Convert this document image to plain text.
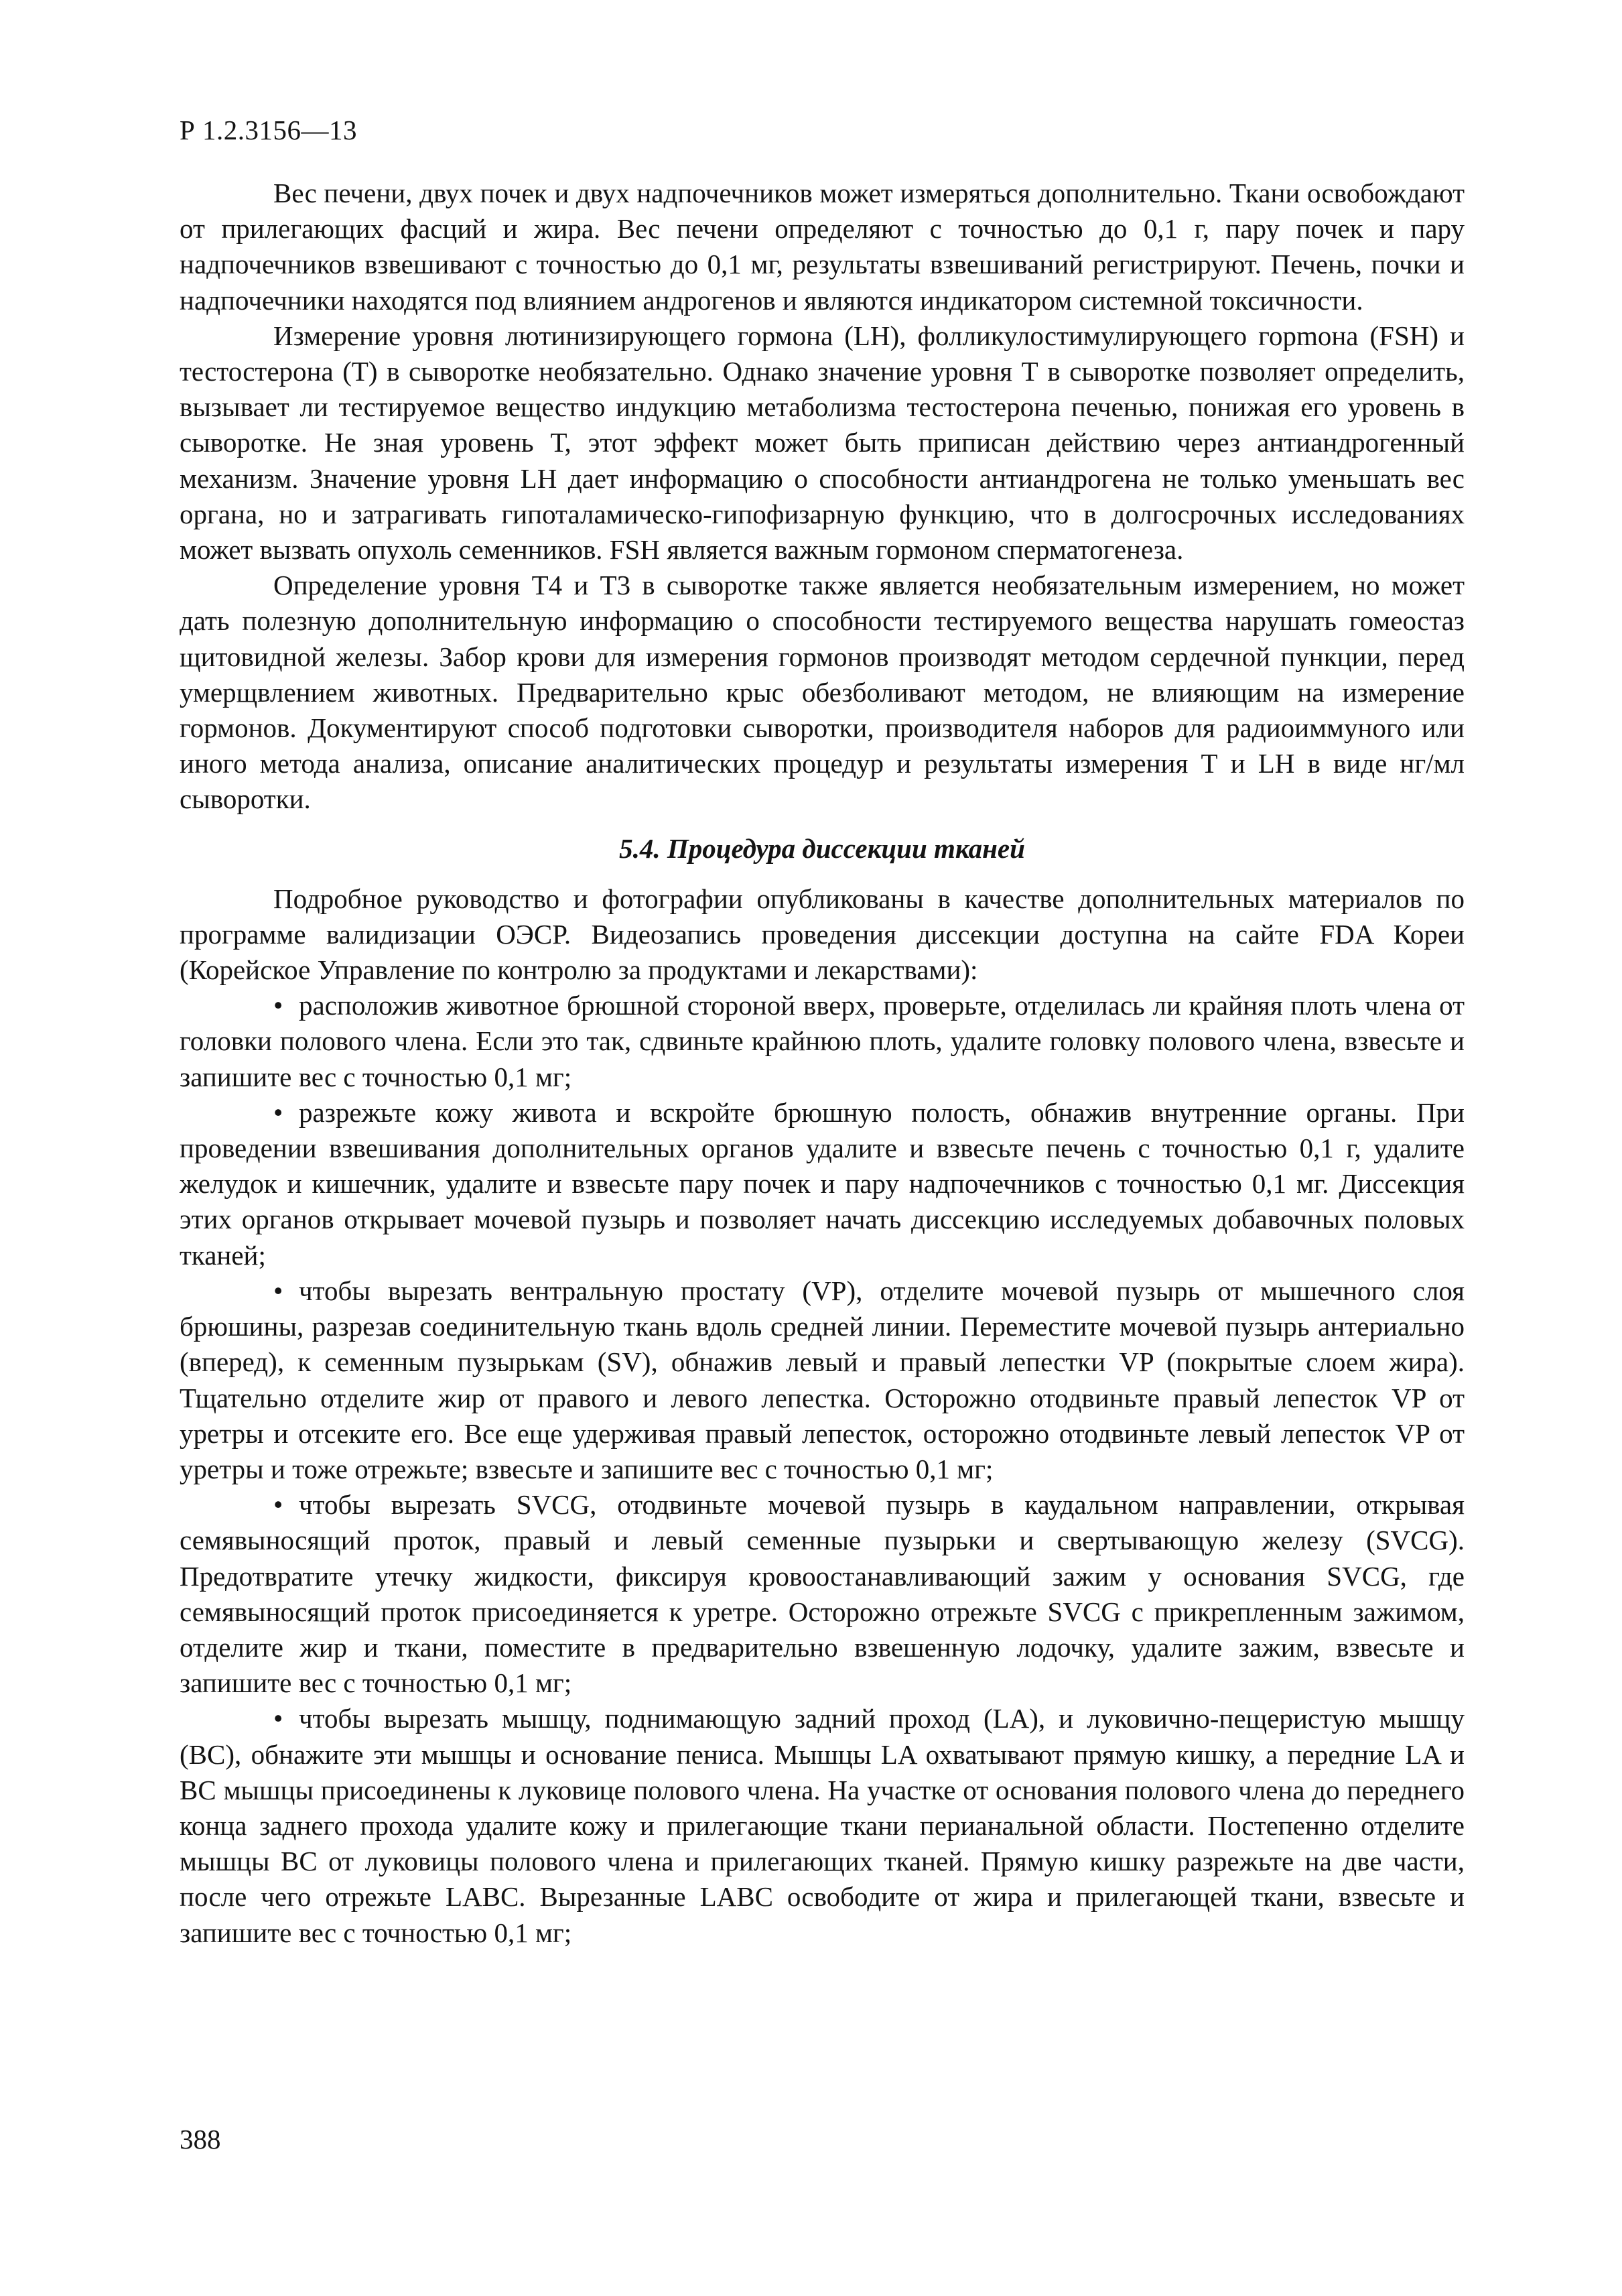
Р 1.2.3156—13

Вес печени, двух почек и двух надпочечников может измеряться дополнительно. Ткани освобождают от прилегающих фасций и жира. Вес печени определяют с точностью до 0,1 г, пару почек и пару надпочечников взвешивают с точностью до 0,1 мг, результаты взвешиваний регистрируют. Печень, почки и надпочечники находятся под влиянием андрогенов и являются индикатором системной токсичности.

Измерение уровня лютинизирующего гормона (LH), фолликулостимулирующего горmона (FSH) и тестостерона (Т) в сыворотке необязательно. Однако значение уровня Т в сыворотке позволяет определить, вызывает ли тестируемое вещество индукцию метаболизма тестостерона печенью, понижая его уровень в сыворотке. Не зная уровень Т, этот эффект может быть приписан действию через антиандрогенный механизм. Значение уровня LH дает информацию о способности антиандрогена не только уменьшать вес органа, но и затрагивать гипоталамическо-гипофизарную функцию, что в долгосрочных исследованиях может вызвать опухоль семенников. FSH является важным гормоном сперматогенеза.

Определение уровня Т4 и Т3 в сыворотке также является необязательным измерением, но может дать полезную дополнительную информацию о способности тестируемого вещества нарушать гомеостаз щитовидной железы. Забор крови для измерения гормонов производят методом сердечной пункции, перед умерщвлением животных. Предварительно крыс обезболивают методом, не влияющим на измерение гормонов. Документируют способ подготовки сыворотки, производителя наборов для радиоиммуного или иного метода анализа, описание аналитических процедур и результаты измерения Т и LH в виде нг/мл сыворотки.

5.4. Процедура диссекции тканей

Подробное руководство и фотографии опубликованы в качестве дополнительных материалов по программе валидизации ОЭСР. Видеозапись проведения диссекции доступна на сайте FDA Кореи (Корейское Управление по контролю за продуктами и лекарствами):

• расположив животное брюшной стороной вверх, проверьте, отделилась ли крайняя плоть члена от головки полового члена. Если это так, сдвиньте крайнюю плоть, удалите головку полового члена, взвесьте и запишите вес с точностью 0,1 мг;

• разрежьте кожу живота и вскройте брюшную полость, обнажив внутренние органы. При проведении взвешивания дополнительных органов удалите и взвесьте печень с точностью 0,1 г, удалите желудок и кишечник, удалите и взвесьте пару почек и пару надпочечников с точностью 0,1 мг. Диссекция этих органов открывает мочевой пузырь и позволяет начать диссекцию исследуемых добавочных половых тканей;

• чтобы вырезать вентральную простату (VP), отделите мочевой пузырь от мышечного слоя брюшины, разрезав соединительную ткань вдоль средней линии. Переместите мочевой пузырь антериально (вперед), к семенным пузырькам (SV), обнажив левый и правый лепестки VP (покрытые слоем жира). Тщательно отделите жир от правого и левого лепестка. Осторожно отодвиньте правый лепесток VP от уретры и отсеките его. Все еще удерживая правый лепесток, осторожно отодвиньте левый лепесток VP от уретры и тоже отрежьте; взвесьте и запишите вес с точностью 0,1 мг;

• чтобы вырезать SVCG, отодвиньте мочевой пузырь в каудальном направлении, открывая семявыносящий проток, правый и левый семенные пузырьки и свертывающую железу (SVCG). Предотвратите утечку жидкости, фиксируя кровоостанавливающий зажим у основания SVCG, где семявыносящий проток присоединяется к уретре. Осторожно отрежьте SVCG с прикрепленным зажимом, отделите жир и ткани, поместите в предварительно взвешенную лодочку, удалите зажим, взвесьте и запишите вес с точностью 0,1 мг;

• чтобы вырезать мышцу, поднимающую задний проход (LA), и луковично-пещеристую мышцу (ВС), обнажите эти мышцы и основание пениса. Мышцы LA охватывают прямую кишку, а передние LA и ВС мышцы присоединены к луковице полового члена. На участке от основания полового члена до переднего конца заднего прохода удалите кожу и прилегающие ткани перианальной области. Постепенно отделите мышцы ВС от луковицы полового члена и прилегающих тканей. Прямую кишку разрежьте на две части, после чего отрежьте LABC. Вырезанные LABC освободите от жира и прилегающей ткани, взвесьте и запишите вес с точностью 0,1 мг;

388
